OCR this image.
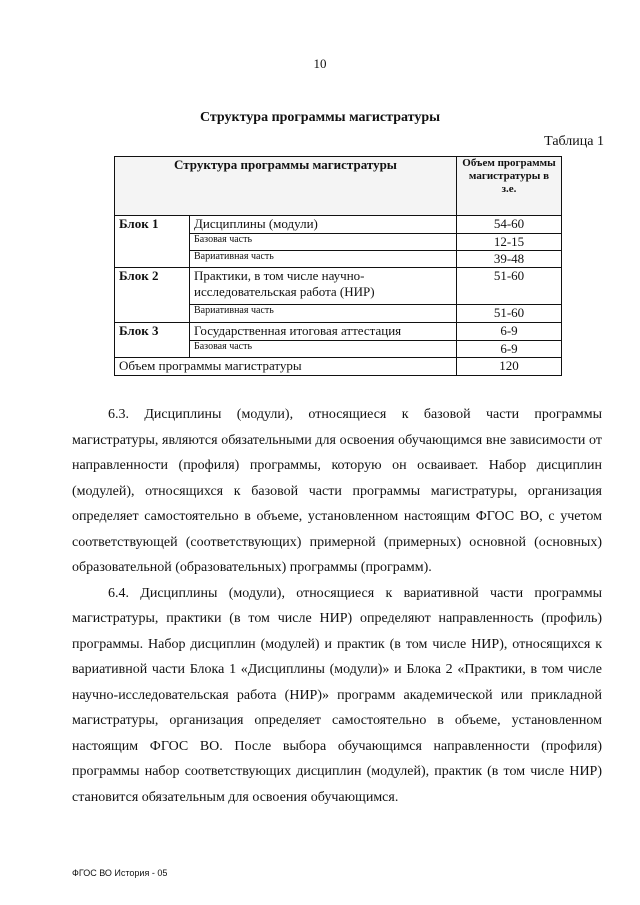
10
Структура программы магистратуры
Таблица 1
Структура программы магистратуры		Объем программы магистратуры в з.е.
Блок 1	Дисциплины (модули)	54-60
	Базовая часть	12-15
	Вариативная часть	39-48
Блок 2	Практики, в том числе научно-исследовательская работа (НИР)	51-60
	Вариативная часть	51-60
Блок 3	Государственная итоговая аттестация	6-9
	Базовая часть	6-9
Объем программы магистратуры		120

6.3. Дисциплины (модули), относящиеся к базовой части программы магистратуры, являются обязательными для освоения обучающимся вне зависимости от направленности (профиля) программы, которую он осваивает. Набор дисциплин (модулей), относящихся к базовой части программы магистратуры, организация определяет самостоятельно в объеме, установленном настоящим ФГОС ВО, с учетом соответствующей (соответствующих) примерной (примерных) основной (основных) образовательной (образовательных) программы (программ).

6.4. Дисциплины (модули), относящиеся к вариативной части программы магистратуры, практики (в том числе НИР) определяют направленность (профиль) программы. Набор дисциплин (модулей) и практик (в том числе НИР), относящихся к вариативной части Блока 1 «Дисциплины (модули)» и Блока 2 «Практики, в том числе научно-исследовательская работа (НИР)» программ академической или прикладной магистратуры, организация определяет самостоятельно в объеме, установленном настоящим ФГОС ВО. После выбора обучающимся направленности (профиля) программы набор соответствующих дисциплин (модулей), практик (в том числе НИР) становится обязательным для освоения обучающимся.

ФГОС ВО История - 05
